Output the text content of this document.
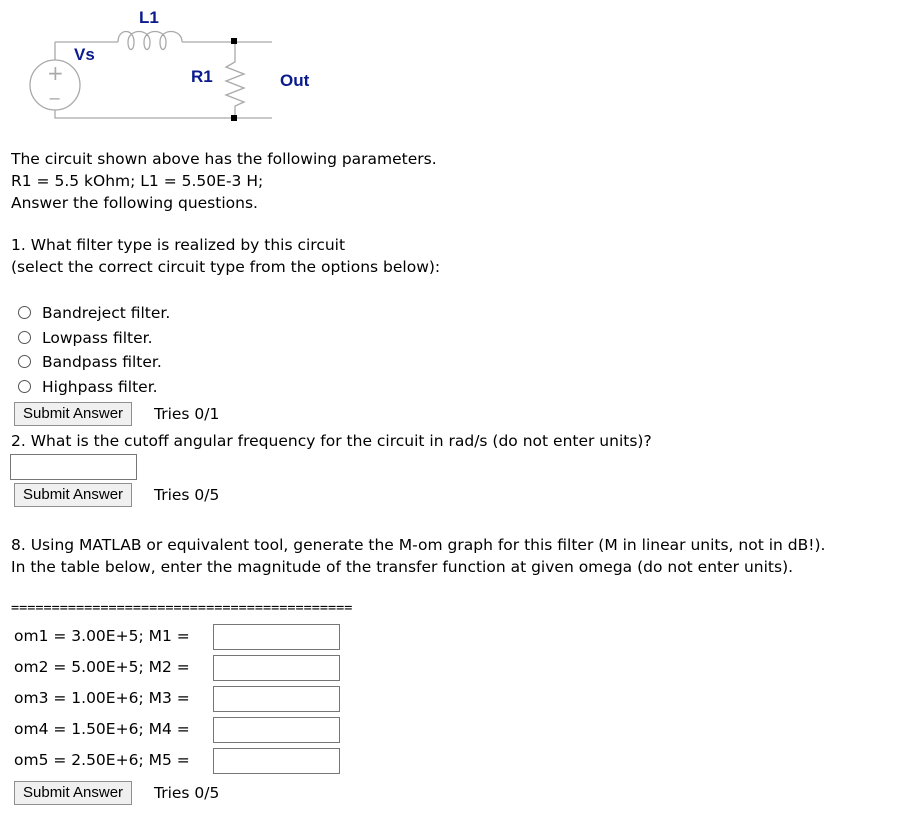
+
−
L1
Vs
R1	Out
The circuit shown above has the following parameters.
R1 = 5.5 kOhm; L1 = 5.50E-3 H;
Answer the following questions.
1. What filter type is realized by this circuit
(select the correct circuit type from the options below):
Bandreject filter.
Lowpass filter.
Bandpass filter.
Highpass filter.
Submit Answer	Tries 0/1
2. What is the cutoff angular frequency for the circuit in rad/s (do not enter units)?
Submit Answer	Tries 0/5
8. Using MATLAB or equivalent tool, generate the M-om graph for this filter (M in linear units, not in dB!).
In the table below, enter the magnitude of the transfer function at given omega (do not enter units).
==========================================
om1 = 3.00E+5; M1 =
om2 = 5.00E+5; M2 =
om3 = 1.00E+6; M3 =
om4 = 1.50E+6; M4 =
om5 = 2.50E+6; M5 =
Submit Answer	Tries 0/5
